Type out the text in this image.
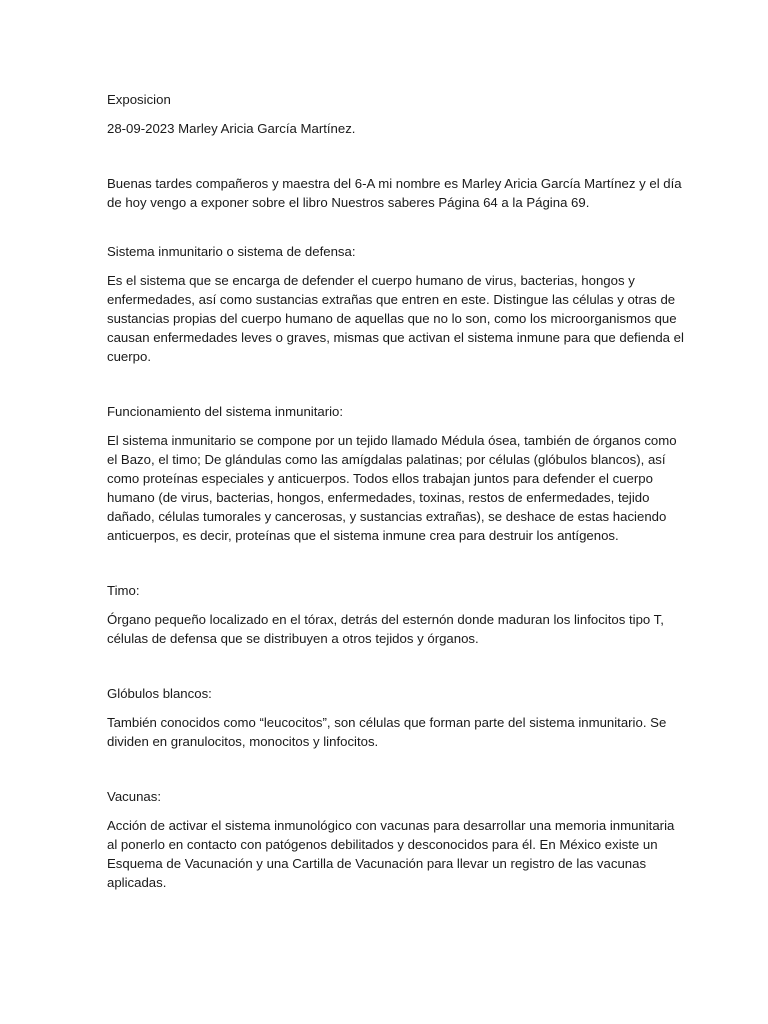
Exposicion

28-09-2023 Marley Aricia García Martínez.

Buenas tardes compañeros y maestra del 6-A mi nombre es Marley Aricia García Martínez y el día
de hoy vengo a exponer sobre el libro Nuestros saberes Página 64 a la Página 69.

Sistema inmunitario o sistema de defensa:

Es el sistema que se encarga de defender el cuerpo humano de virus, bacterias, hongos y
enfermedades, así como sustancias extrañas que entren en este. Distingue las células y otras de
sustancias propias del cuerpo humano de aquellas que no lo son, como los microorganismos que
causan enfermedades leves o graves, mismas que activan el sistema inmune para que defienda el
cuerpo.

Funcionamiento del sistema inmunitario:

El sistema inmunitario se compone por un tejido llamado Médula ósea, también de órganos como
el Bazo, el timo; De glándulas como las amígdalas palatinas; por células (glóbulos blancos), así
como proteínas especiales y anticuerpos. Todos ellos trabajan juntos para defender el cuerpo
humano (de virus, bacterias, hongos, enfermedades, toxinas, restos de enfermedades, tejido
dañado, células tumorales y cancerosas, y sustancias extrañas), se deshace de estas haciendo
anticuerpos, es decir, proteínas que el sistema inmune crea para destruir los antígenos.

Timo:

Órgano pequeño localizado en el tórax, detrás del esternón donde maduran los linfocitos tipo T,
células de defensa que se distribuyen a otros tejidos y órganos.

Glóbulos blancos:

También conocidos como “leucocitos”, son células que forman parte del sistema inmunitario. Se
dividen en granulocitos, monocitos y linfocitos.

Vacunas:

Acción de activar el sistema inmunológico con vacunas para desarrollar una memoria inmunitaria
al ponerlo en contacto con patógenos debilitados y desconocidos para él. En México existe un
Esquema de Vacunación y una Cartilla de Vacunación para llevar un registro de las vacunas
aplicadas.
